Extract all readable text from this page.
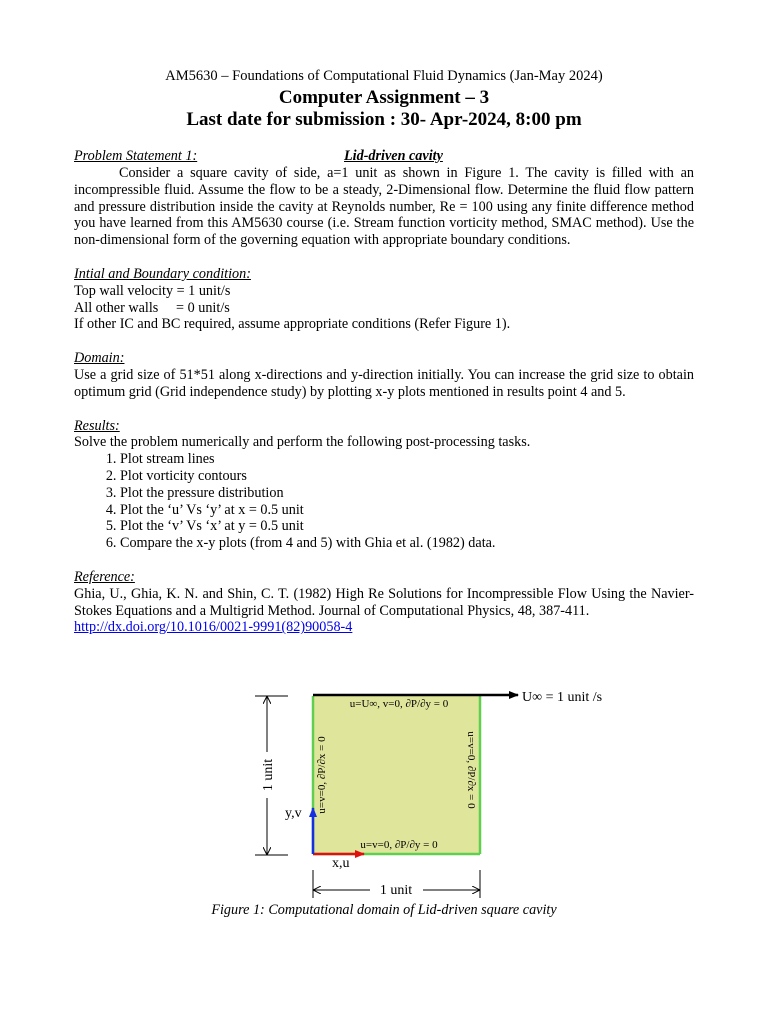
AM5630 – Foundations of Computational Fluid Dynamics (Jan-May 2024)
Computer Assignment – 3
Last date for submission : 30- Apr-2024, 8:00 pm
Problem Statement 1:	Lid-driven cavity
Consider a square cavity of side, a=1 unit as shown in Figure 1. The cavity is filled with an incompressible fluid. Assume the flow to be a steady, 2-Dimensional flow. Determine the fluid flow pattern and pressure distribution inside the cavity at Reynolds number, Re = 100 using any finite difference method you have learned from this AM5630 course (i.e. Stream function vorticity method, SMAC method). Use the non-dimensional form of the governing equation with appropriate boundary conditions.
Intial and Boundary condition:
Top wall velocity = 1 unit/s
All other walls     = 0 unit/s
If other IC and BC required, assume appropriate conditions (Refer Figure 1).
Domain:
Use a grid size of 51*51 along x-directions and y-direction initially. You can increase the grid size to obtain optimum grid (Grid independence study) by plotting x-y plots mentioned in results point 4 and 5.
Results:
Solve the problem numerically and perform the following post-processing tasks.
1. Plot stream lines
2. Plot vorticity contours
3. Plot the pressure distribution
4. Plot the ‘u’ Vs ‘y’ at x = 0.5 unit
5. Plot the ‘v’ Vs ‘x’ at y = 0.5 unit
6. Compare the x-y plots (from 4 and 5) with Ghia et al. (1982) data.
Reference:
Ghia, U., Ghia, K. N. and Shin, C. T. (1982) High Re Solutions for Incompressible Flow Using the Navier-Stokes Equations and a Multigrid Method. Journal of Computational Physics, 48, 387-411.
http://dx.doi.org/10.1016/0021-9991(82)90058-4
u=U∞, v=0, ∂P/∂y = 0
u=v=0, ∂P/∂y = 0
u=v=0, ∂P/∂x = 0	u=v=0, ∂P/∂x = 0
U∞ = 1 unit /s
1 unit
1 unit
y,v
x,u
Figure 1: Computational domain of Lid-driven square cavity
